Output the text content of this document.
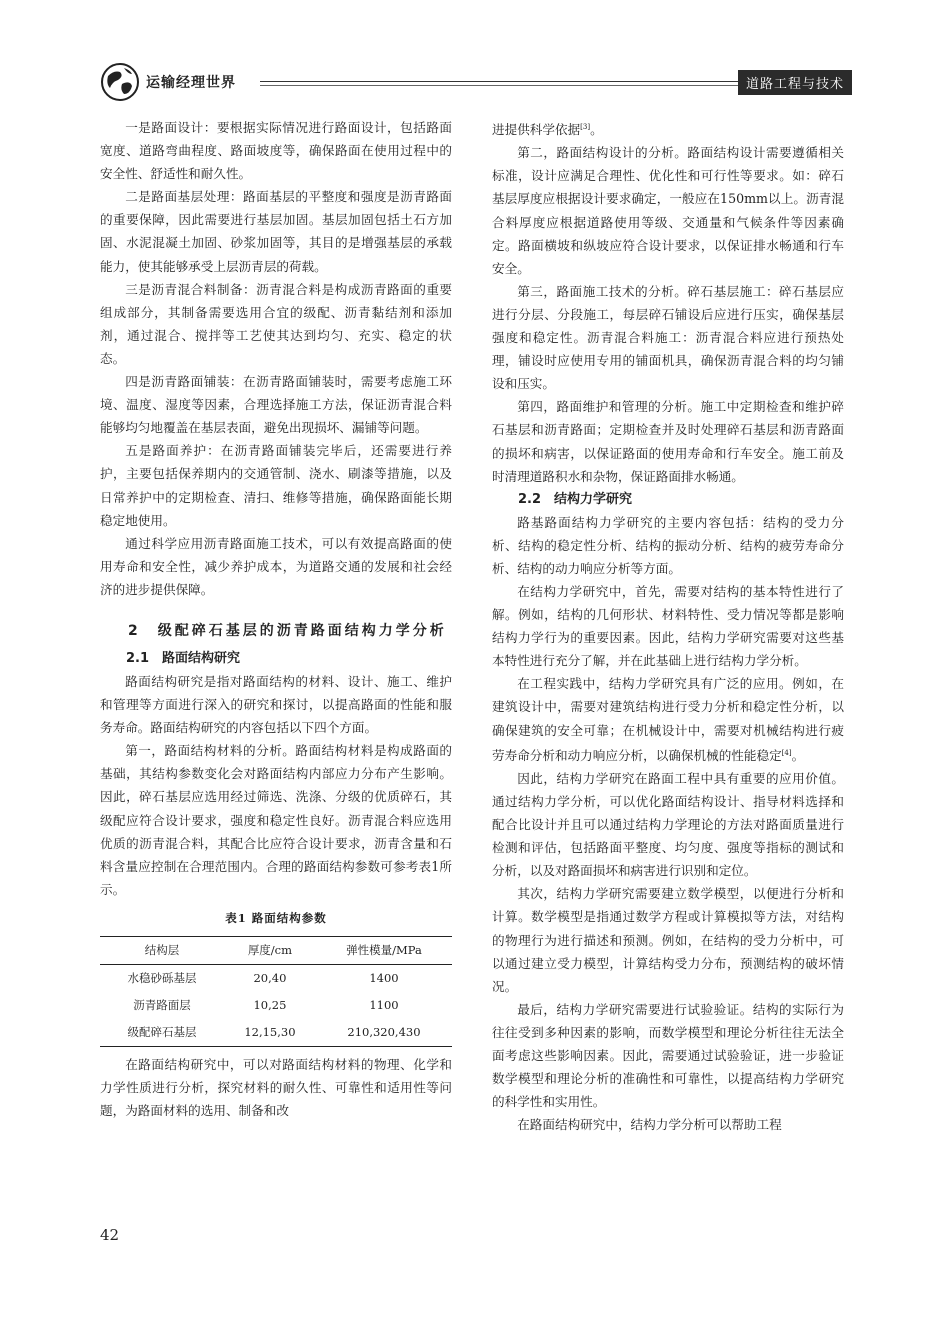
运输经理世界	道路工程与技术

一是路面设计：要根据实际情况进行路面设计，包括路面宽度、道路弯曲程度、路面坡度等，确保路面在使用过程中的安全性、舒适性和耐久性。

二是路面基层处理：路面基层的平整度和强度是沥青路面的重要保障，因此需要进行基层加固。基层加固包括土石方加固、水泥混凝土加固、砂浆加固等，其目的是增强基层的承载能力，使其能够承受上层沥青层的荷载。

三是沥青混合料制备：沥青混合料是构成沥青路面的重要组成部分，其制备需要选用合宜的级配、沥青黏结剂和添加剂，通过混合、搅拌等工艺使其达到均匀、充实、稳定的状态。

四是沥青路面铺装：在沥青路面铺装时，需要考虑施工环境、温度、湿度等因素，合理选择施工方法，保证沥青混合料能够均匀地覆盖在基层表面，避免出现损坏、漏铺等问题。

五是路面养护：在沥青路面铺装完毕后，还需要进行养护，主要包括保养期内的交通管制、浇水、刷漆等措施，以及日常养护中的定期检查、清扫、维修等措施，确保路面能长期稳定地使用。

通过科学应用沥青路面施工技术，可以有效提高路面的使用寿命和安全性，减少养护成本，为道路交通的发展和社会经济的进步提供保障。

2　级配碎石基层的沥青路面结构力学分析
2.1　路面结构研究

路面结构研究是指对路面结构的材料、设计、施工、维护和管理等方面进行深入的研究和探讨，以提高路面的性能和服务寿命。路面结构研究的内容包括以下四个方面。

第一，路面结构材料的分析。路面结构材料是构成路面的基础，其结构参数变化会对路面结构内部应力分布产生影响。因此，碎石基层应选用经过筛选、洗涤、分级的优质碎石，其级配应符合设计要求，强度和稳定性良好。沥青混合料应选用优质的沥青混合料，其配合比应符合设计要求，沥青含量和石料含量应控制在合理范围内。合理的路面结构参数可参考表1所示。

表1 路面结构参数
结构层	厚度/cm	弹性模量/MPa
水稳砂砾基层	20,40	1400
沥青路面层	10,25	1100
级配碎石基层	12,15,30	210,320,430

在路面结构研究中，可以对路面结构材料的物理、化学和力学性质进行分析，探究材料的耐久性、可靠性和适用性等问题，为路面材料的选用、制备和改

进提供科学依据[3]。

第二，路面结构设计的分析。路面结构设计需要遵循相关标准，设计应满足合理性、优化性和可行性等要求。如：碎石基层厚度应根据设计要求确定，一般应在150mm以上。沥青混合料厚度应根据道路使用等级、交通量和气候条件等因素确定。路面横坡和纵坡应符合设计要求，以保证排水畅通和行车安全。

第三，路面施工技术的分析。碎石基层施工：碎石基层应进行分层、分段施工，每层碎石铺设后应进行压实，确保基层强度和稳定性。沥青混合料施工：沥青混合料应进行预热处理，铺设时应使用专用的铺面机具，确保沥青混合料的均匀铺设和压实。

第四，路面维护和管理的分析。施工中定期检查和维护碎石基层和沥青路面；定期检查并及时处理碎石基层和沥青路面的损坏和病害，以保证路面的使用寿命和行车安全。施工前及时清理道路积水和杂物，保证路面排水畅通。

2.2　结构力学研究

路基路面结构力学研究的主要内容包括：结构的受力分析、结构的稳定性分析、结构的振动分析、结构的疲劳寿命分析、结构的动力响应分析等方面。

在结构力学研究中，首先，需要对结构的基本特性进行了解。例如，结构的几何形状、材料特性、受力情况等都是影响结构力学行为的重要因素。因此，结构力学研究需要对这些基本特性进行充分了解，并在此基础上进行结构力学分析。

在工程实践中，结构力学研究具有广泛的应用。例如，在建筑设计中，需要对建筑结构进行受力分析和稳定性分析，以确保建筑的安全可靠；在机械设计中，需要对机械结构进行疲劳寿命分析和动力响应分析，以确保机械的性能稳定[4]。

因此，结构力学研究在路面工程中具有重要的应用价值。通过结构力学分析，可以优化路面结构设计、指导材料选择和配合比设计并且可以通过结构力学理论的方法对路面质量进行检测和评估，包括路面平整度、均匀度、强度等指标的测试和分析，以及对路面损坏和病害进行识别和定位。

其次，结构力学研究需要建立数学模型，以便进行分析和计算。数学模型是指通过数学方程或计算模拟等方法，对结构的物理行为进行描述和预测。例如，在结构的受力分析中，可以通过建立受力模型，计算结构受力分布，预测结构的破坏情况。

最后，结构力学研究需要进行试验验证。结构的实际行为往往受到多种因素的影响，而数学模型和理论分析往往无法全面考虑这些影响因素。因此，需要通过试验验证，进一步验证数学模型和理论分析的准确性和可靠性，以提高结构力学研究的科学性和实用性。

在路面结构研究中，结构力学分析可以帮助工程

42
